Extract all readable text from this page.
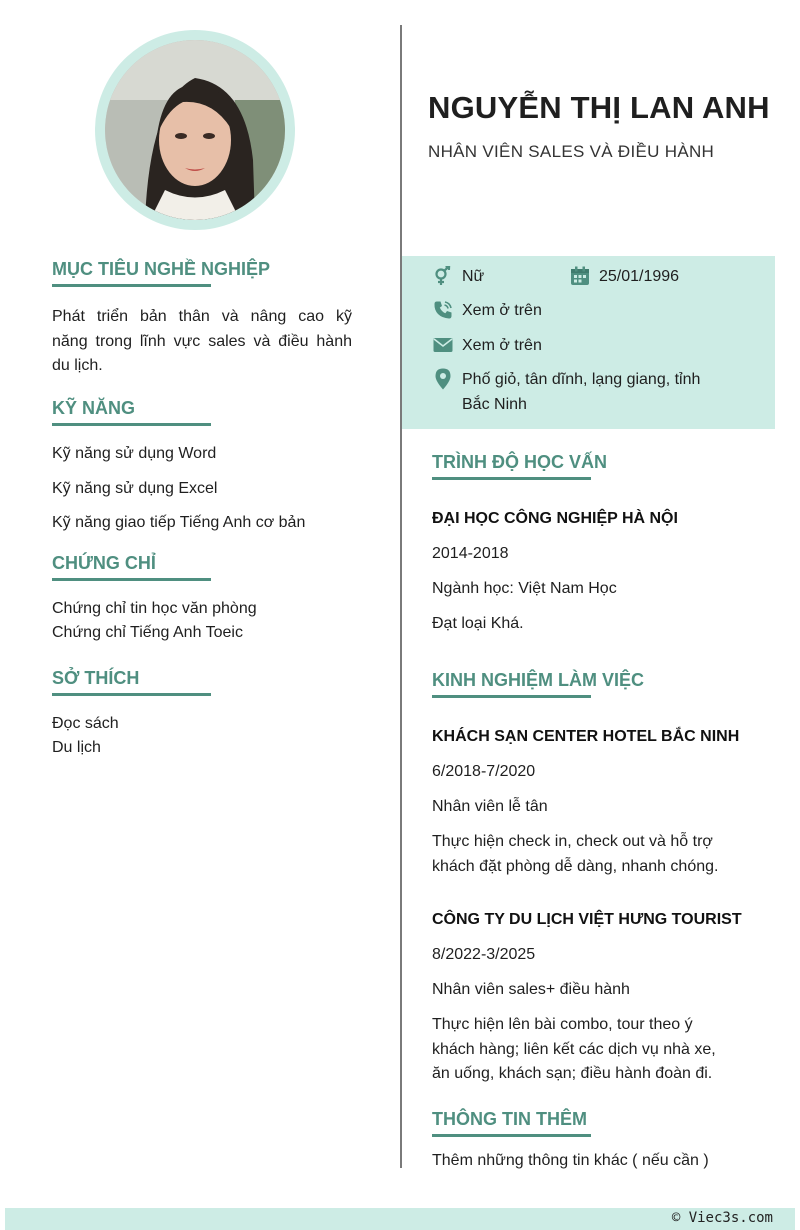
MỤC TIÊU NGHỀ NGHIỆP
Phát triển bản thân và nâng cao kỹ
năng trong lĩnh vực sales và điều hành
du lịch.
KỸ NĂNG
Kỹ năng sử dụng Word
Kỹ năng sử dụng Excel
Kỹ năng giao tiếp Tiếng Anh cơ bản
CHỨNG CHỈ
Chứng chỉ tin học văn phòng
Chứng chỉ Tiếng Anh Toeic
SỞ THÍCH
Đọc sách
Du lịch
NGUYỄN THỊ LAN ANH
NHÂN VIÊN SALES VÀ ĐIỀU HÀNH
Nữ	25/01/1996
Xem ở trên
Xem ở trên
Phố giỏ, tân dĩnh, lạng giang, tỉnh
Bắc Ninh
TRÌNH ĐỘ HỌC VẤN
ĐẠI HỌC CÔNG NGHIỆP HÀ NỘI
2014-2018
Ngành học: Việt Nam Học
Đạt loại Khá.
KINH NGHIỆM LÀM VIỆC
KHÁCH SẠN CENTER HOTEL BẮC NINH
6/2018-7/2020
Nhân viên lễ tân
Thực hiện check in, check out và hỗ trợ
khách đặt phòng dễ dàng, nhanh chóng.
CÔNG TY DU LỊCH VIỆT HƯNG TOURIST
8/2022-3/2025
Nhân viên sales+ điều hành
Thực hiện lên bài combo, tour theo ý
khách hàng; liên kết các dịch vụ nhà xe,
ăn uống, khách sạn; điều hành đoàn đi.
THÔNG TIN THÊM
Thêm những thông tin khác ( nếu cần )
© Viec3s.com
